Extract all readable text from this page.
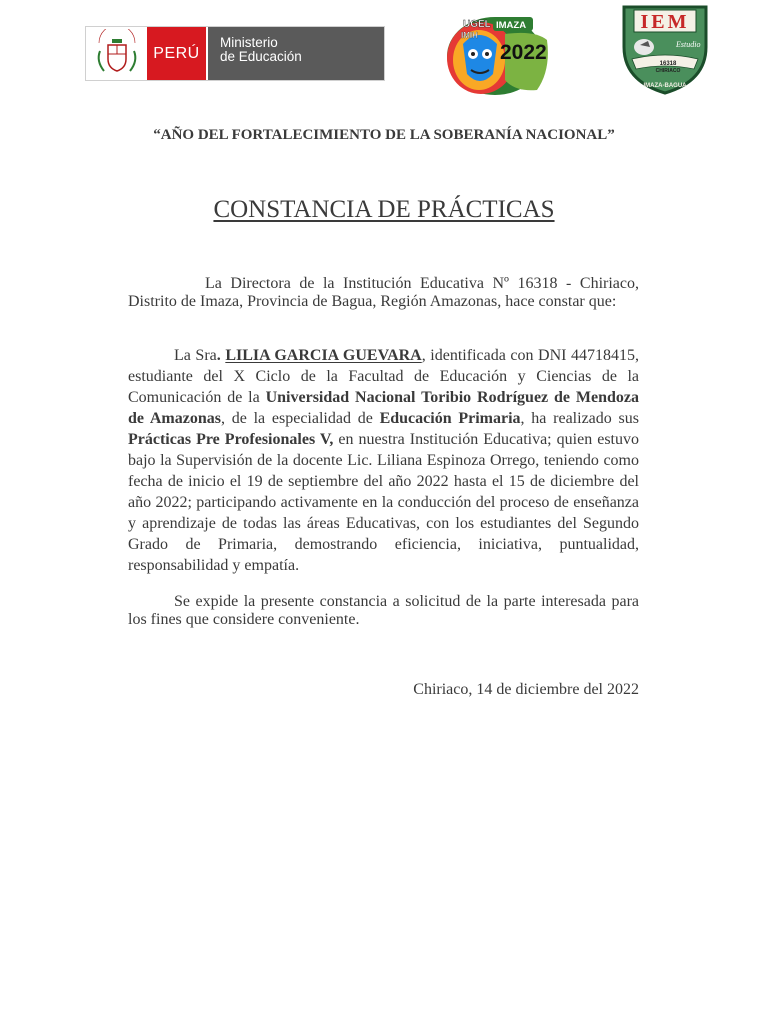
PERÚ
Ministerio
de Educación
UGEL IMAZA
IMIH
2022
IEM
Estudio
16318
CHIRIACO
IMAZA-BAGUA
“AÑO DEL FORTALECIMIENTO DE LA SOBERANÍA NACIONAL”
CONSTANCIA DE PRÁCTICAS
La Directora de la Institución Educativa Nº 16318 - Chiriaco, Distrito de Imaza, Provincia de Bagua, Región Amazonas, hace constar que:
La Sra. LILIA GARCIA GUEVARA, identificada con DNI 44718415, estudiante del X Ciclo de la Facultad de Educación y Ciencias de la Comunicación de la Universidad Nacional Toribio Rodríguez de Mendoza de Amazonas, de la especialidad de Educación Primaria, ha realizado sus Prácticas Pre Profesionales V, en nuestra Institución Educativa; quien estuvo bajo la Supervisión de la docente Lic. Liliana Espinoza Orrego, teniendo como fecha de inicio el 19 de septiembre del año 2022 hasta el 15 de diciembre del año 2022; participando activamente en la conducción del proceso de enseñanza y aprendizaje de todas las áreas Educativas, con los estudiantes del Segundo Grado de Primaria, demostrando eficiencia, iniciativa, puntualidad, responsabilidad y empatía.
Se expide la presente constancia a solicitud de la parte interesada para los fines que considere conveniente.
Chiriaco, 14 de diciembre del 2022
